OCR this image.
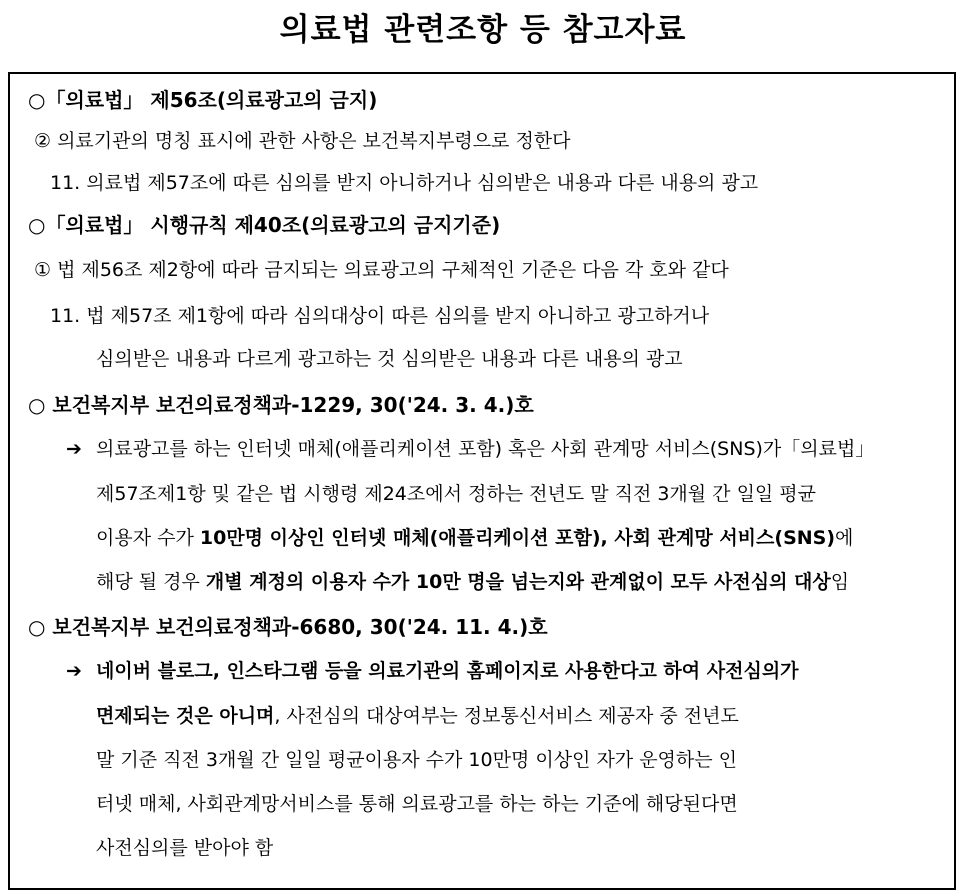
의료법 관련조항 등 참고자료
○「의료법」 제56조(의료광고의 금지)
② 의료기관의 명칭 표시에 관한 사항은 보건복지부령으로 정한다
11. 의료법 제57조에 따른 심의를 받지 아니하거나 심의받은 내용과 다른 내용의 광고
○「의료법」 시행규칙 제40조(의료광고의 금지기준)
① 법 제56조 제2항에 따라 금지되는 의료광고의 구체적인 기준은 다음 각 호와 같다
11. 법 제57조 제1항에 따라 심의대상이 따른 심의를 받지 아니하고 광고하거나
심의받은 내용과 다르게 광고하는 것 심의받은 내용과 다른 내용의 광고
○ 보건복지부 보건의료정책과-1229, 30('24. 3. 4.)호
➔ 의료광고를 하는 인터넷 매체(애플리케이션 포함) 혹은 사회 관계망 서비스(SNS)가「의료법」
제57조제1항 및 같은 법 시행령 제24조에서 정하는 전년도 말 직전 3개월 간 일일 평균
이용자 수가 10만명 이상인 인터넷 매체(애플리케이션 포함), 사회 관계망 서비스(SNS)에
해당 될 경우 개별 계정의 이용자 수가 10만 명을 넘는지와 관계없이 모두 사전심의 대상임
○ 보건복지부 보건의료정책과-6680, 30('24. 11. 4.)호
➔ 네이버 블로그, 인스타그램 등을 의료기관의 홈페이지로 사용한다고 하여 사전심의가
면제되는 것은 아니며, 사전심의 대상여부는 정보통신서비스 제공자 중 전년도
말 기준 직전 3개월 간 일일 평균이용자 수가 10만명 이상인 자가 운영하는 인
터넷 매체, 사회관계망서비스를 통해 의료광고를 하는 하는 기준에 해당된다면
사전심의를 받아야 함
